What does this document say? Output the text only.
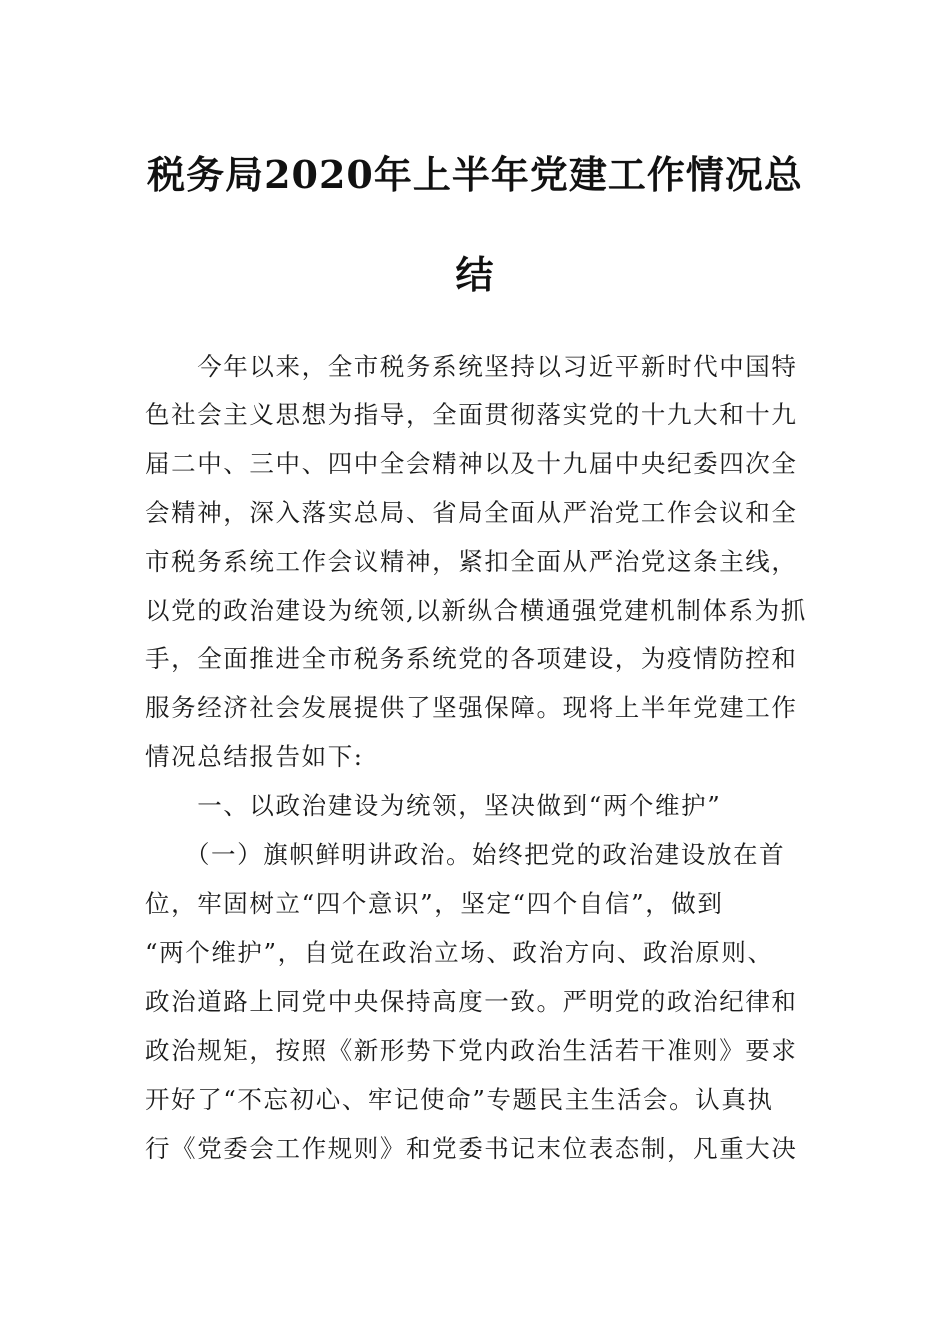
税务局2020年上半年党建工作情况总
结
　　今年以来，全市税务系统坚持以习近平新时代中国特
色社会主义思想为指导，全面贯彻落实党的十九大和十九
届二中、三中、四中全会精神以及十九届中央纪委四次全
会精神，深入落实总局、省局全面从严治党工作会议和全
市税务系统工作会议精神，紧扣全面从严治党这条主线，
以党的政治建设为统领,以新纵合横通强党建机制体系为抓
手，全面推进全市税务系统党的各项建设，为疫情防控和
服务经济社会发展提供了坚强保障。现将上半年党建工作
情况总结报告如下:
　　一、以政治建设为统领，坚决做到“两个维护”
　　（一）旗帜鲜明讲政治。始终把党的政治建设放在首
位，牢固树立“四个意识”，坚定“四个自信”，做到
“两个维护”，自觉在政治立场、政治方向、政治原则、
政治道路上同党中央保持高度一致。严明党的政治纪律和
政治规矩，按照《新形势下党内政治生活若干准则》要求
开好了“不忘初心、牢记使命”专题民主生活会。认真执
行《党委会工作规则》和党委书记末位表态制，凡重大决
